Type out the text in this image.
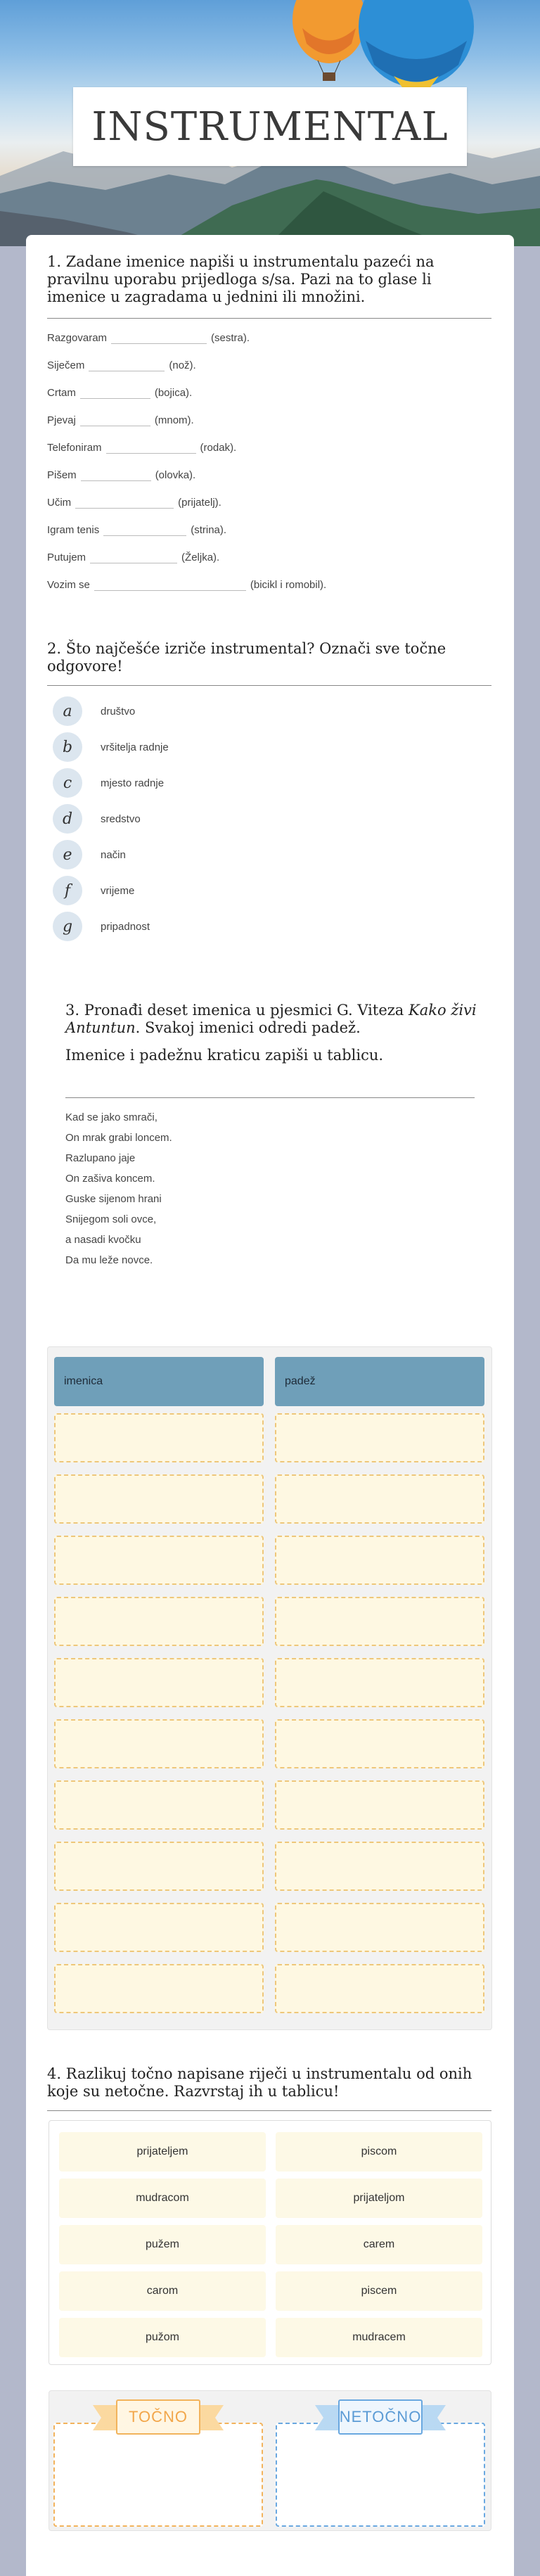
INSTRUMENTAL
1. Zadane imenice napiši u instrumentalu pazeći na pravilnu uporabu prijedloga s/sa. Pazi na to glase li imenice u zagradama u jednini ili množini.
Razgovaram	(sestra).
Siječem	(nož).
Crtam	(bojica).
Pjevaj	(mnom).
Telefoniram	(rodak).
Pišem	(olovka).
Učim	(prijatelj).
Igram tenis	(strina).
Putujem	(Željka).
Vozim se	(bicikl i romobil).
2. Što najčešće izriče instrumental? Označi sve točne odgovore!
a	društvo
b	vršitelja radnje
c	mjesto radnje
d	sredstvo
e	način
f	vrijeme
g	pripadnost
3. Pronađi deset imenica u pjesmici G. Viteza Kako živi Antuntun. Svakoj imenici odredi padež.
Imenice i padežnu kraticu zapiši u tablicu.
Kad se jako smrači,
On mrak grabi loncem.
Razlupano jaje
On zašiva koncem.
Guske sijenom hrani
Snijegom soli ovce,
a nasadi kvočku
Da mu leže novce.
imenica	padež
4. Razlikuj točno napisane riječi u instrumentalu od onih koje su netočne. Razvrstaj ih u tablicu!
prijateljem	piscom
mudracom	prijateljom
pužem	carem
carom	piscem
pužom	mudracem
TOČNO	NETOČNO
